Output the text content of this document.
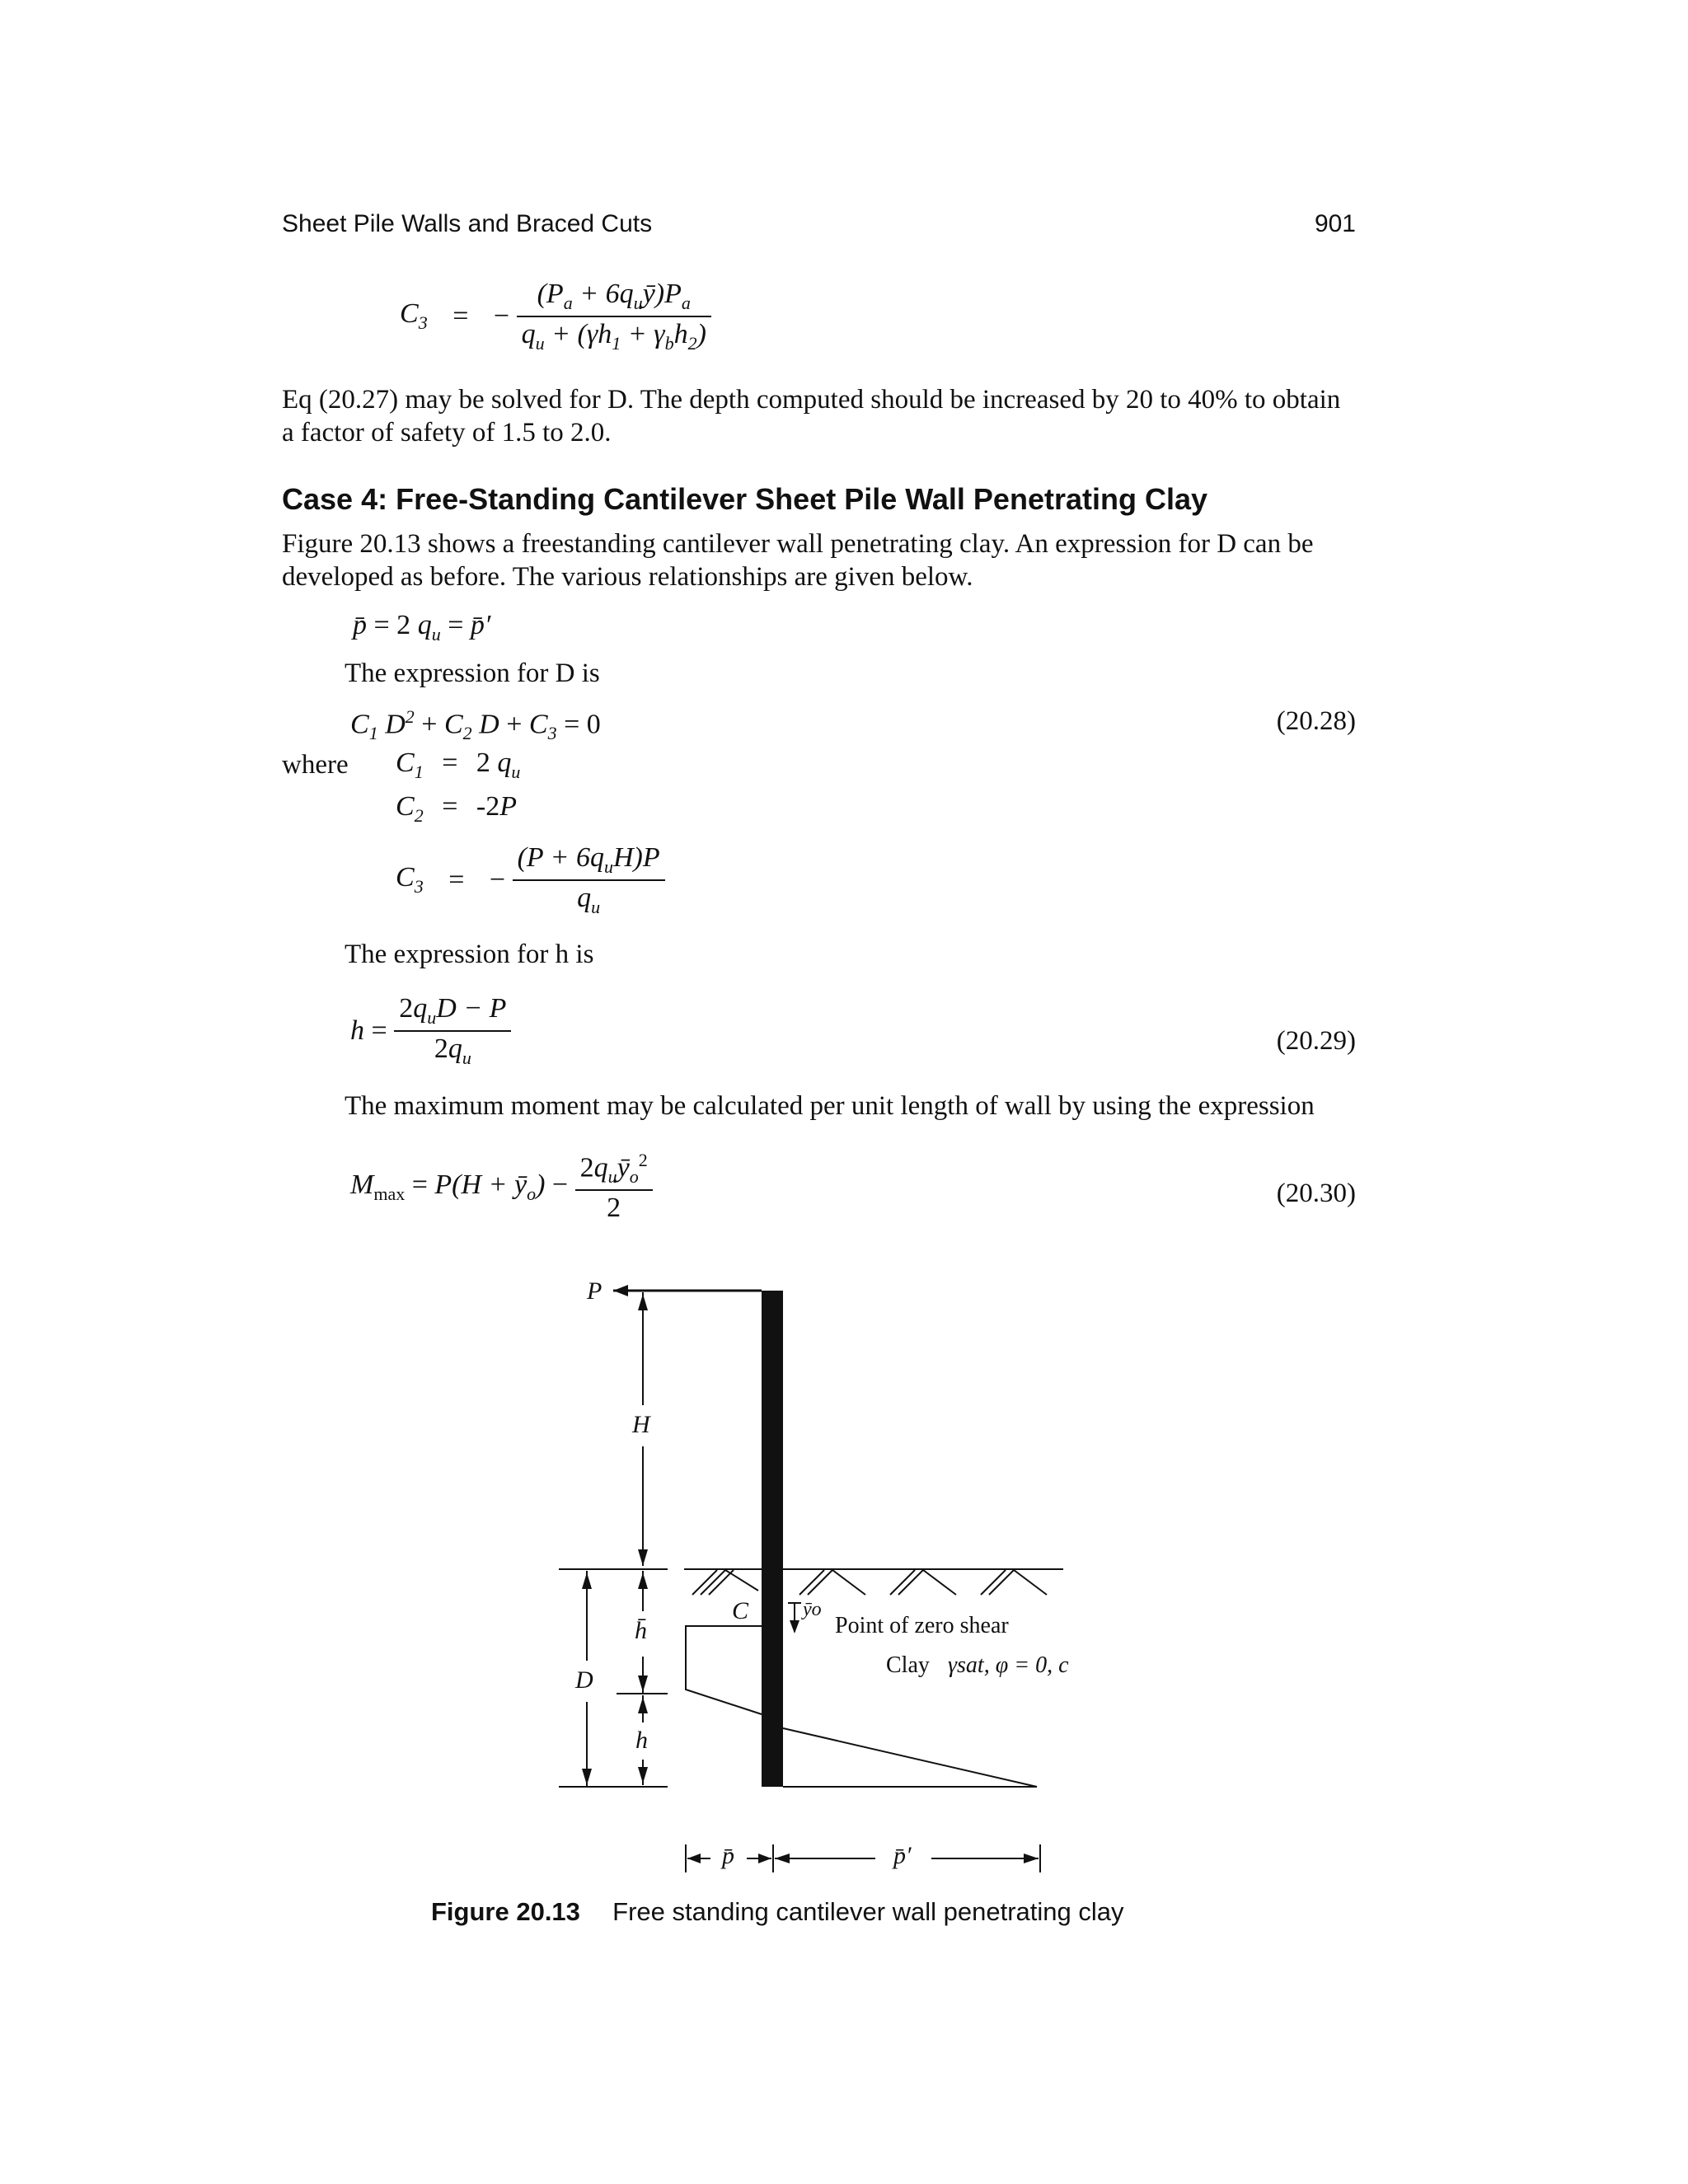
Sheet Pile Walls and Braced Cuts	901
$C_3$ = − $\frac{(P_a + 6q_uȳ)P_a}{q_u + (\gamma h_1 + \gamma_bh_2)}$
Eq (20.27) may be solved for D. The depth computed should be increased by 20 to 40% to obtain a factor of safety of 1.5 to 2.0.
Case 4: Free-Standing Cantilever Sheet Pile Wall Penetrating Clay
Figure 20.13 shows a freestanding cantilever wall penetrating clay. An expression for D can be developed as before. The various relationships are given below.
p̄ = 2 $q_u$ = p̄′
The expression for D is
$C_1$ $D^2 + C_2$ $D + C_3 = 0$	(20.28)
where $C_1 = 2$ $q_u$
$C_2 = -2P$
$C_3$ = − $\frac{(P + 6q_uH)P}{q_u}$
The expression for h is
$h = \frac{2q_uD - P}{2q_u}$	(20.29)
The maximum moment may be calculated per unit length of wall by using the expression
$M_{max} = P(H$ + $ȳ_o) - \frac{2q_uȳ_o^2}{2}$	(20.30)
P
H
D
h̄
h
C	ȳo
Point of zero shear
Clay γsat, φ = 0, c
p̄	p̄′
Figure 20.13 Free standing cantilever wall penetrating clay
